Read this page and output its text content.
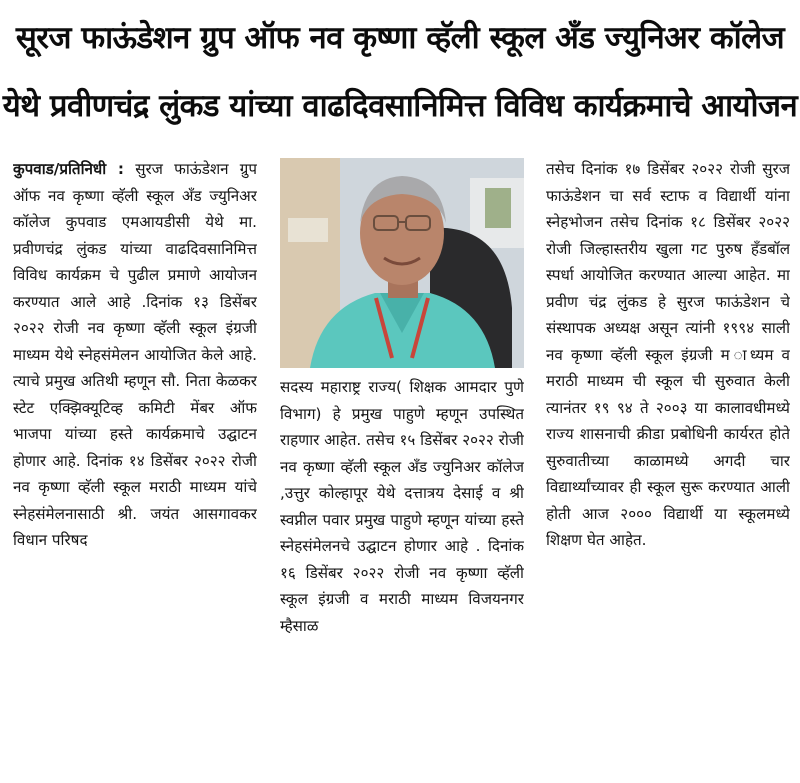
सूरज फाऊंडेशन ग्रुप ऑफ नव कृष्णा व्हॅली स्कूल अँड ज्युनिअर कॉलेज
येथे प्रवीणचंद्र लुंकड यांच्या वाढदिवसानिमित्त विविध कार्यक्रमाचे आयोजन
कुपवाड/प्रतिनिधी : सुरज फाऊंडेशन ग्रुप ऑफ नव कृष्णा व्हॅली स्कूल अँड ज्युनिअर कॉलेज कुपवाड एमआयडीसी येथे मा. प्रवीणचंद्र लुंकड यांच्या वाढदिवसानिमित्त विविध कार्यक्रम चे पुढील प्रमाणे आयोजन करण्यात आले आहे .दिनांक १३ डिसेंबर २०२२ रोजी नव कृष्णा व्हॅली स्कूल इंग्रजी माध्यम येथे स्नेहसंमेलन आयोजित केले आहे. त्याचे प्रमुख अतिथी म्हणून सौ. निता केळकर स्टेट एक्झिक्यूटिव्ह कमिटी मेंबर ऑफ भाजपा यांच्या हस्ते कार्यक्रमाचे उद्घाटन होणार आहे. दिनांक १४ डिसेंबर २०२२ रोजी नव कृष्णा व्हॅली स्कूल मराठी माध्यम यांचे स्नेहसंमेलनासाठी श्री. जयंत आसगावकर विधान परिषद
सदस्य महाराष्ट्र राज्य( शिक्षक आमदार पुणे विभाग) हे प्रमुख पाहुणे म्हणून उपस्थित राहणार आहेत. तसेच १५ डिसेंबर २०२२ रोजी नव कृष्णा व्हॅली स्कूल अँड ज्युनिअर कॉलेज ,उत्तुर कोल्हापूर येथे दत्तात्रय देसाई व श्री स्वप्नील पवार प्रमुख पाहुणे म्हणून यांच्या हस्ते स्नेहसंमेलनचे उद्घाटन होणार आहे . दिनांक १६ डिसेंबर २०२२ रोजी नव कृष्णा व्हॅली स्कूल इंग्रजी व मराठी माध्यम विजयनगर म्हैसाळ
तसेच दिनांक १७ डिसेंबर २०२२ रोजी सुरज फाऊंडेशन चा सर्व स्टाफ व विद्यार्थी यांना स्नेहभोजन तसेच दिनांक १८ डिसेंबर २०२२ रोजी जिल्हास्तरीय खुला गट पुरुष हँडबॉल स्पर्धा आयोजित करण्यात आल्या आहेत. मा प्रवीण चंद्र लुंकड हे सुरज फाऊंडेशन चे संस्थापक अध्यक्ष असून त्यांनी १९९४ साली नव कृष्णा व्हॅली स्कूल इंग्रजी म ाध्यम व मराठी माध्यम ची स्कूल ची सुरुवात केली त्यानंतर १९ ९४ ते २००३ या कालावधीमध्ये राज्य शासनाची क्रीडा प्रबोधिनी कार्यरत होते सुरुवातीच्या काळामध्ये अगदी चार विद्यार्थ्यांच्यावर ही स्कूल सुरू करण्यात आली होती आज २००० विद्यार्थी या स्कूलमध्ये शिक्षण घेत आहेत.
